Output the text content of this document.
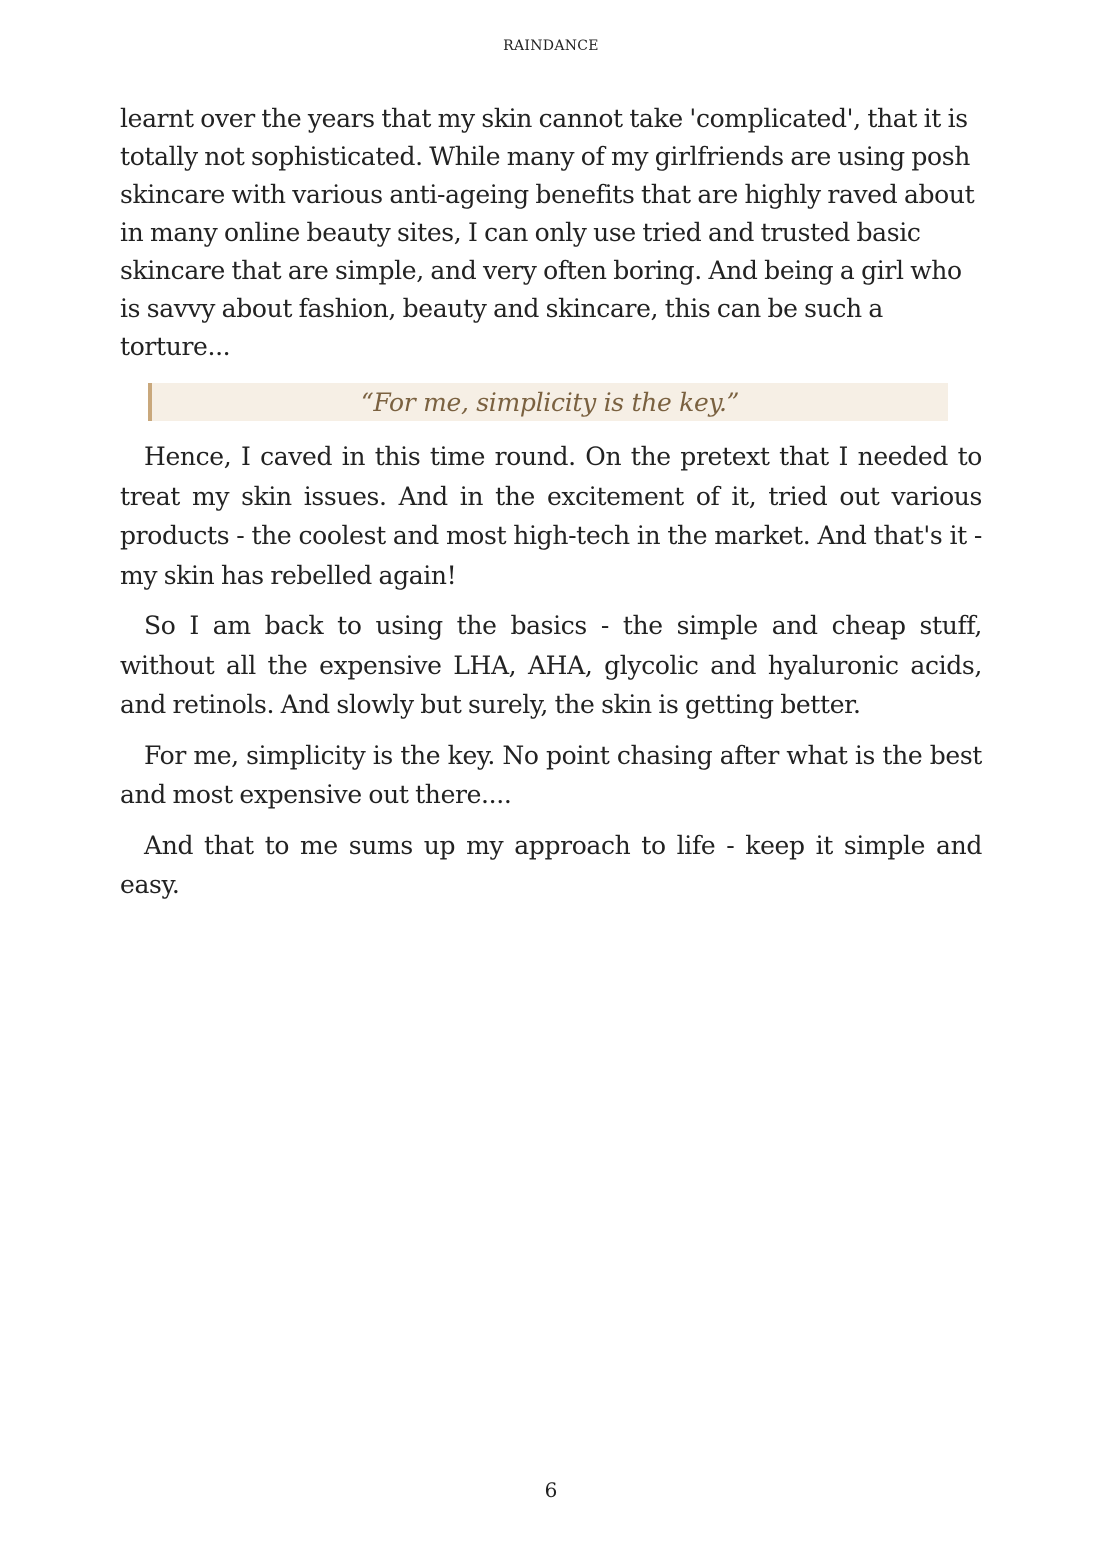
RAINDANCE

learnt over the years that my skin cannot take 'complicated', that it is totally not sophisticated. While many of my girlfriends are using posh skincare with various anti-ageing benefits that are highly raved about in many online beauty sites, I can only use tried and trusted basic skincare that are simple, and very often boring. And being a girl who is savvy about fashion, beauty and skincare, this can be such a torture...

“For me, simplicity is the key.”

Hence, I caved in this time round. On the pretext that I needed to treat my skin issues. And in the excitement of it, tried out various products - the coolest and most high-tech in the market. And that's it - my skin has rebelled again!

So I am back to using the basics - the simple and cheap stuff, without all the expensive LHA, AHA, glycolic and hyaluronic acids, and retinols. And slowly but surely, the skin is getting better.

For me, simplicity is the key. No point chasing after what is the best and most expensive out there....

And that to me sums up my approach to life - keep it simple and easy.

6
